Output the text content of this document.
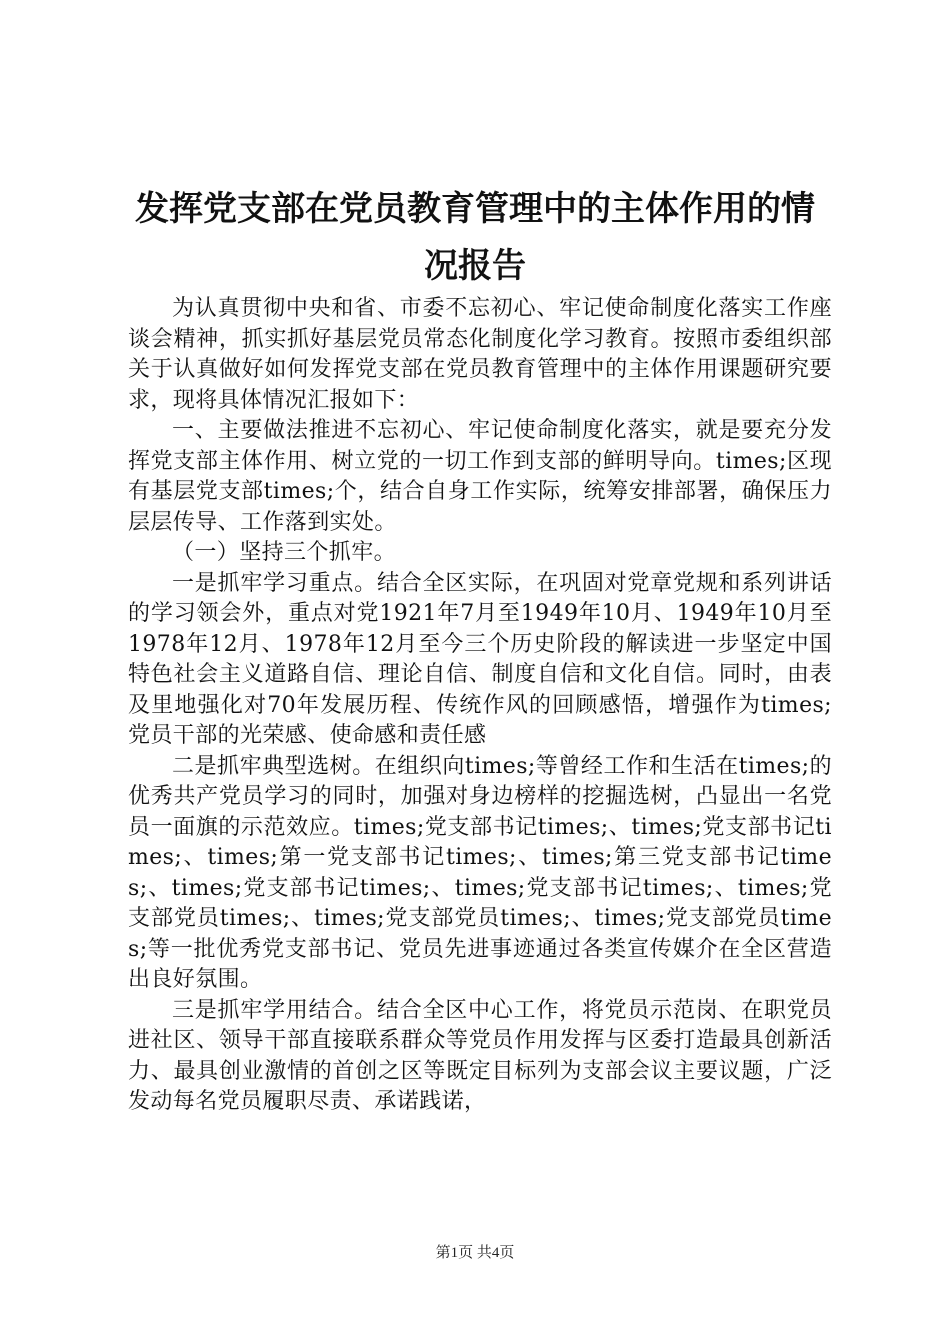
发挥党支部在党员教育管理中的主体作用的情
况报告

为认真贯彻中央和省、市委不忘初心、牢记使命制度化落实工作座谈会精神，抓实抓好基层党员常态化制度化学习教育。按照市委组织部关于认真做好如何发挥党支部在党员教育管理中的主体作用课题研究要求，现将具体情况汇报如下：

一、主要做法推进不忘初心、牢记使命制度化落实，就是要充分发挥党支部主体作用、树立党的一切工作到支部的鲜明导向。times;区现有基层党支部times;个，结合自身工作实际，统筹安排部署，确保压力层层传导、工作落到实处。

（一）坚持三个抓牢。

一是抓牢学习重点。结合全区实际，在巩固对党章党规和系列讲话的学习领会外，重点对党1921年7月至1949年10月、1949年10月至1978年12月、1978年12月至今三个历史阶段的解读进一步坚定中国特色社会主义道路自信、理论自信、制度自信和文化自信。同时，由表及里地强化对70年发展历程、传统作风的回顾感悟，增强作为times;党员干部的光荣感、使命感和责任感

二是抓牢典型选树。在组织向times;等曾经工作和生活在times;的优秀共产党员学习的同时，加强对身边榜样的挖掘选树，凸显出一名党员一面旗的示范效应。times;党支部书记times;、times;党支部书记times;、times;第一党支部书记times;、times;第三党支部书记times;、times;党支部书记times;、times;党支部书记times;、times;党支部党员times;、times;党支部党员times;、times;党支部党员times;等一批优秀党支部书记、党员先进事迹通过各类宣传媒介在全区营造出良好氛围。

三是抓牢学用结合。结合全区中心工作，将党员示范岗、在职党员进社区、领导干部直接联系群众等党员作用发挥与区委打造最具创新活力、最具创业激情的首创之区等既定目标列为支部会议主要议题，广泛发动每名党员履职尽责、承诺践诺，

第1页 共4页
